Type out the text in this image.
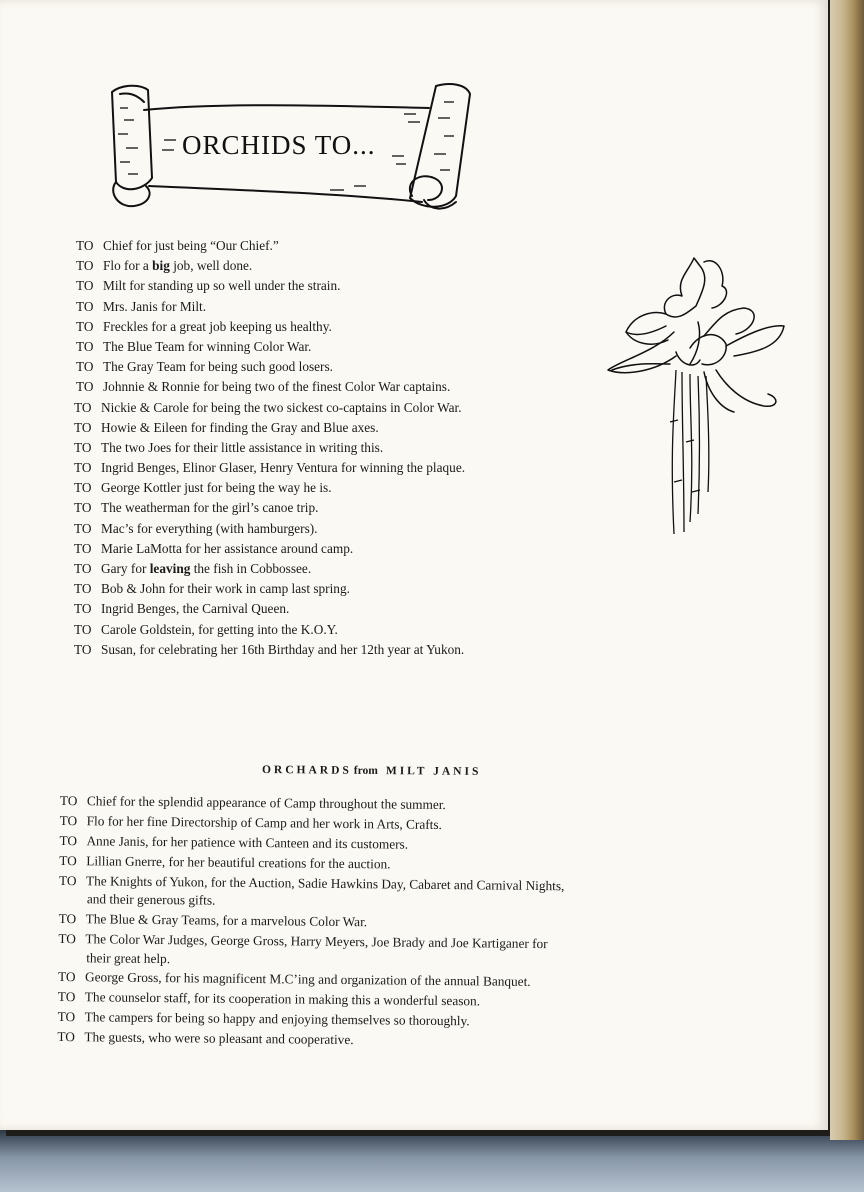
ORCHIDS TO...
TO Chief for just being “Our Chief.”
TO Flo for a big job, well done.
TO Milt for standing up so well under the strain.
TO Mrs. Janis for Milt.
TO Freckles for a great job keeping us healthy.
TO The Blue Team for winning Color War.
TO The Gray Team for being such good losers.
TO Johnnie & Ronnie for being two of the finest Color War captains.
TO Nickie & Carole for being the two sickest co-captains in Color War.
TO Howie & Eileen for finding the Gray and Blue axes.
TO The two Joes for their little assistance in writing this.
TO Ingrid Benges, Elinor Glaser, Henry Ventura for winning the plaque.
TO George Kottler just for being the way he is.
TO The weatherman for the girl’s canoe trip.
TO Mac’s for everything (with hamburgers).
TO Marie LaMotta for her assistance around camp.
TO Gary for leaving the fish in Cobbossee.
TO Bob & John for their work in camp last spring.
TO Ingrid Benges, the Carnival Queen.
TO Carole Goldstein, for getting into the K.O.Y.
TO Susan, for celebrating her 16th Birthday and her 12th year at Yukon.
ORCHARDS from MILT JANIS
TO Chief for the splendid appearance of Camp throughout the summer.
TO Flo for her fine Directorship of Camp and her work in Arts, Crafts.
TO Anne Janis, for her patience with Canteen and its customers.
TO Lillian Gnerre, for her beautiful creations for the auction.
TO The Knights of Yukon, for the Auction, Sadie Hawkins Day, Cabaret and Carnival Nights,
and their generous gifts.
TO The Blue & Gray Teams, for a marvelous Color War.
TO The Color War Judges, George Gross, Harry Meyers, Joe Brady and Joe Kartiganer for
their great help.
TO George Gross, for his magnificent M.C’ing and organization of the annual Banquet.
TO The counselor staff, for its cooperation in making this a wonderful season.
TO The campers for being so happy and enjoying themselves so thoroughly.
TO The guests, who were so pleasant and cooperative.
